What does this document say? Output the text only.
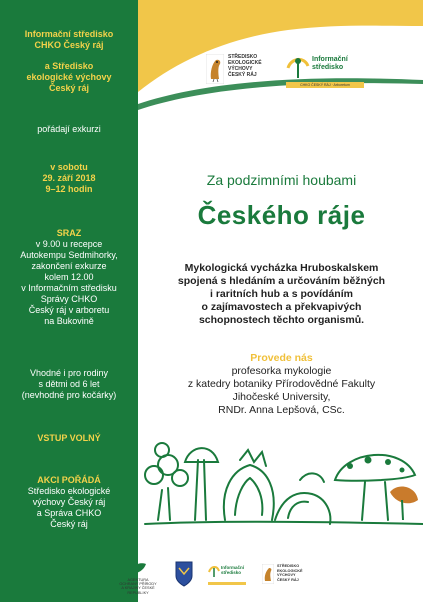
Informační středisko
CHKO Český ráj
a Středisko
ekologické výchovy
Český ráj
pořádají exkurzi
v sobotu
29. září 2018
9–12 hodin
SRAZ
v 9.00 u recepce
Autokempu Sedmihorky,
zakončení exkurze
kolem 12.00
v Informačním středisku
Správy CHKO
Český ráj v arboretu
na Bukovině
Vhodné i pro rodiny
s dětmi od 6 let
(nevhodné pro kočárky)
VSTUP VOLNÝ
AKCI POŘÁDÁ
Středisko ekologické
výchovy Český ráj
a Správa CHKO
Český ráj
STŘEDISKO
EKOLOGICKÉ
VÝCHOVY
ČESKÝ RÁJ
Informační
středisko
CHKO ČESKÝ RÁJ · Arboretum
Za podzimními houbami
Českého ráje
Mykologická vycházka Hruboskalskem
spojená s hledáním a určováním běžných
i raritních hub a s povídáním
o zajímavostech a překvapivých
schopnostech těchto organismů.
Provede nás
profesorka mykologie
z katedry botaniky Přírodovědné Fakulty
Jihočeské University,
RNDr. Anna Lepšová, CSc.
AGENTURA OCHRANY PŘÍRODY A KRAJINY ČESKÉ REPUBLIKY
Informační
středisko
STŘEDISKO
EKOLOGICKÉ
VÝCHOVY
ČESKÝ RÁJ
